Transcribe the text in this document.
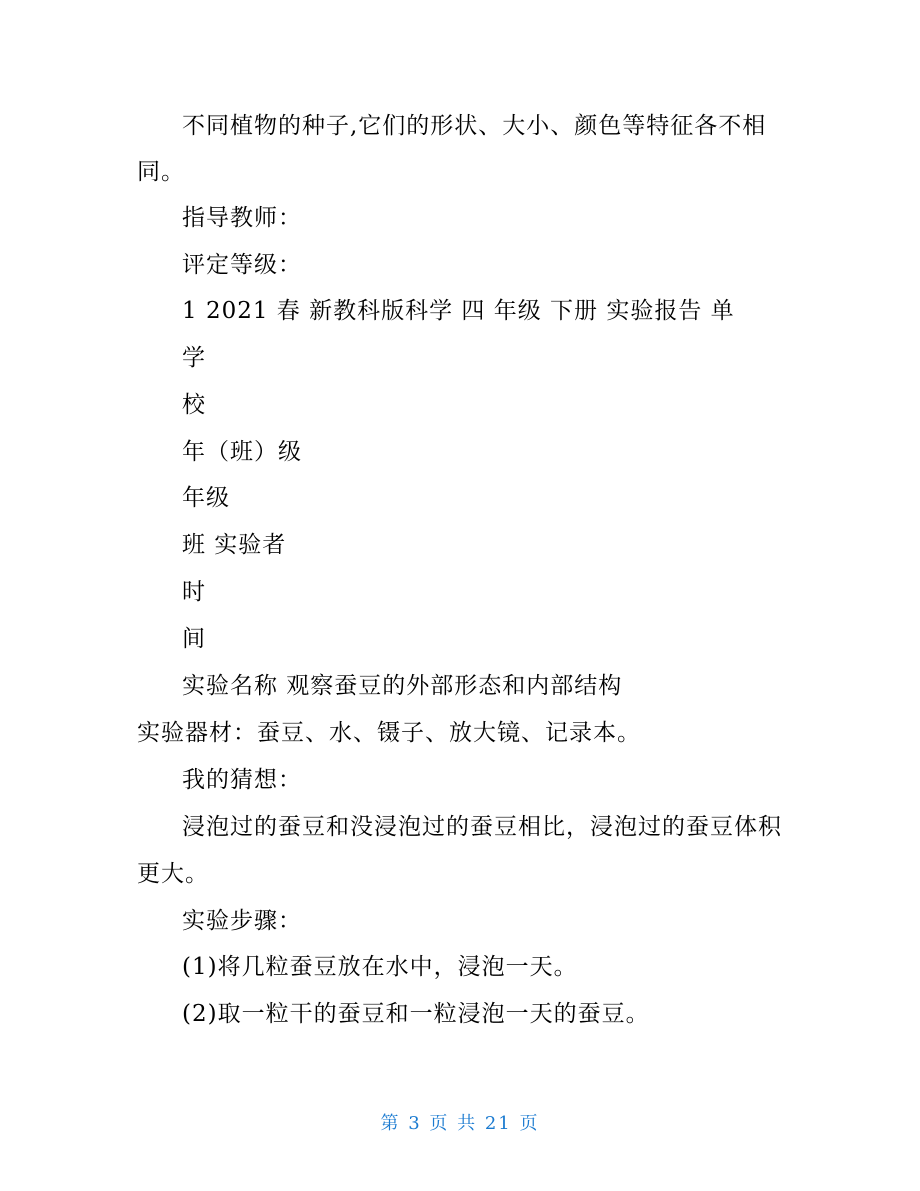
不同植物的种子,它们的形状、大小、颜色等特征各不相
同。
指导教师：
评定等级：
1 2021 春 新教科版科学 四 年级 下册 实验报告 单
学
校
年（班）级
年级
班 实验者
时
间
实验名称 观察蚕豆的外部形态和内部结构
实验器材：蚕豆、水、镊子、放大镜、记录本。
我的猜想：
浸泡过的蚕豆和没浸泡过的蚕豆相比，浸泡过的蚕豆体积
更大。
实验步骤：
(1)将几粒蚕豆放在水中，浸泡一天。
(2)取一粒干的蚕豆和一粒浸泡一天的蚕豆。
第 3 页 共 21 页
